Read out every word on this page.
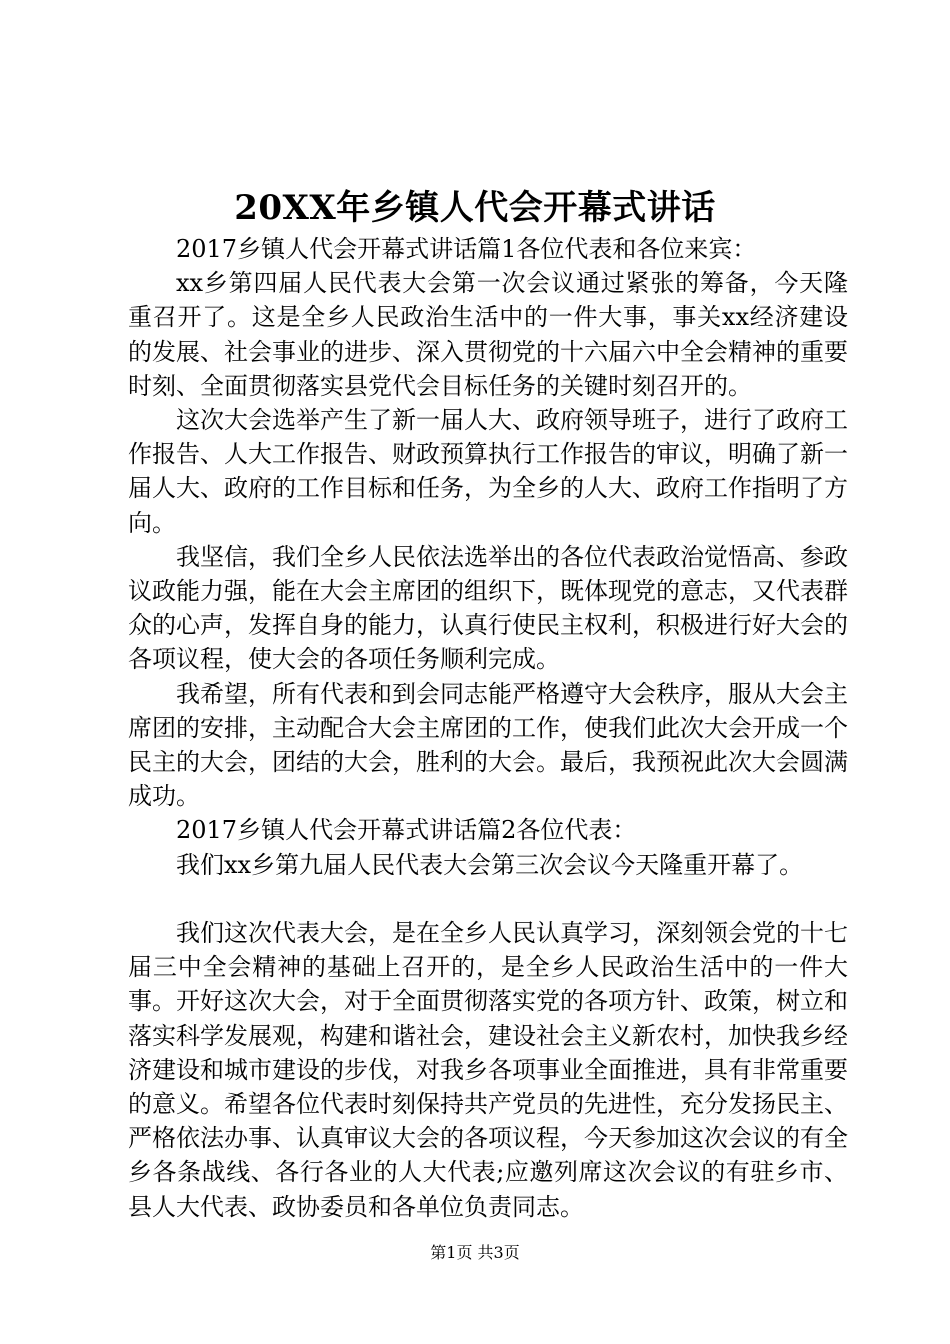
20XX年乡镇人代会开幕式讲话

2017乡镇人代会开幕式讲话篇1各位代表和各位来宾：

xx乡第四届人民代表大会第一次会议通过紧张的筹备，今天隆重召开了。这是全乡人民政治生活中的一件大事，事关xx经济建设的发展、社会事业的进步、深入贯彻党的十六届六中全会精神的重要时刻、全面贯彻落实县党代会目标任务的关键时刻召开的。

这次大会选举产生了新一届人大、政府领导班子，进行了政府工作报告、人大工作报告、财政预算执行工作报告的审议，明确了新一届人大、政府的工作目标和任务，为全乡的人大、政府工作指明了方向。

我坚信，我们全乡人民依法选举出的各位代表政治觉悟高、参政议政能力强，能在大会主席团的组织下，既体现党的意志，又代表群众的心声，发挥自身的能力，认真行使民主权利，积极进行好大会的各项议程，使大会的各项任务顺利完成。

我希望，所有代表和到会同志能严格遵守大会秩序，服从大会主席团的安排，主动配合大会主席团的工作，使我们此次大会开成一个民主的大会，团结的大会，胜利的大会。最后，我预祝此次大会圆满成功。

2017乡镇人代会开幕式讲话篇2各位代表：

我们xx乡第九届人民代表大会第三次会议今天隆重开幕了。

我们这次代表大会，是在全乡人民认真学习，深刻领会党的十七届三中全会精神的基础上召开的，是全乡人民政治生活中的一件大事。开好这次大会，对于全面贯彻落实党的各项方针、政策，树立和落实科学发展观，构建和谐社会，建设社会主义新农村，加快我乡经济建设和城市建设的步伐，对我乡各项事业全面推进，具有非常重要的意义。希望各位代表时刻保持共产党员的先进性，充分发扬民主、严格依法办事、认真审议大会的各项议程，今天参加这次会议的有全乡各条战线、各行各业的人大代表;应邀列席这次会议的有驻乡市、县人大代表、政协委员和各单位负责同志。

第1页 共3页
